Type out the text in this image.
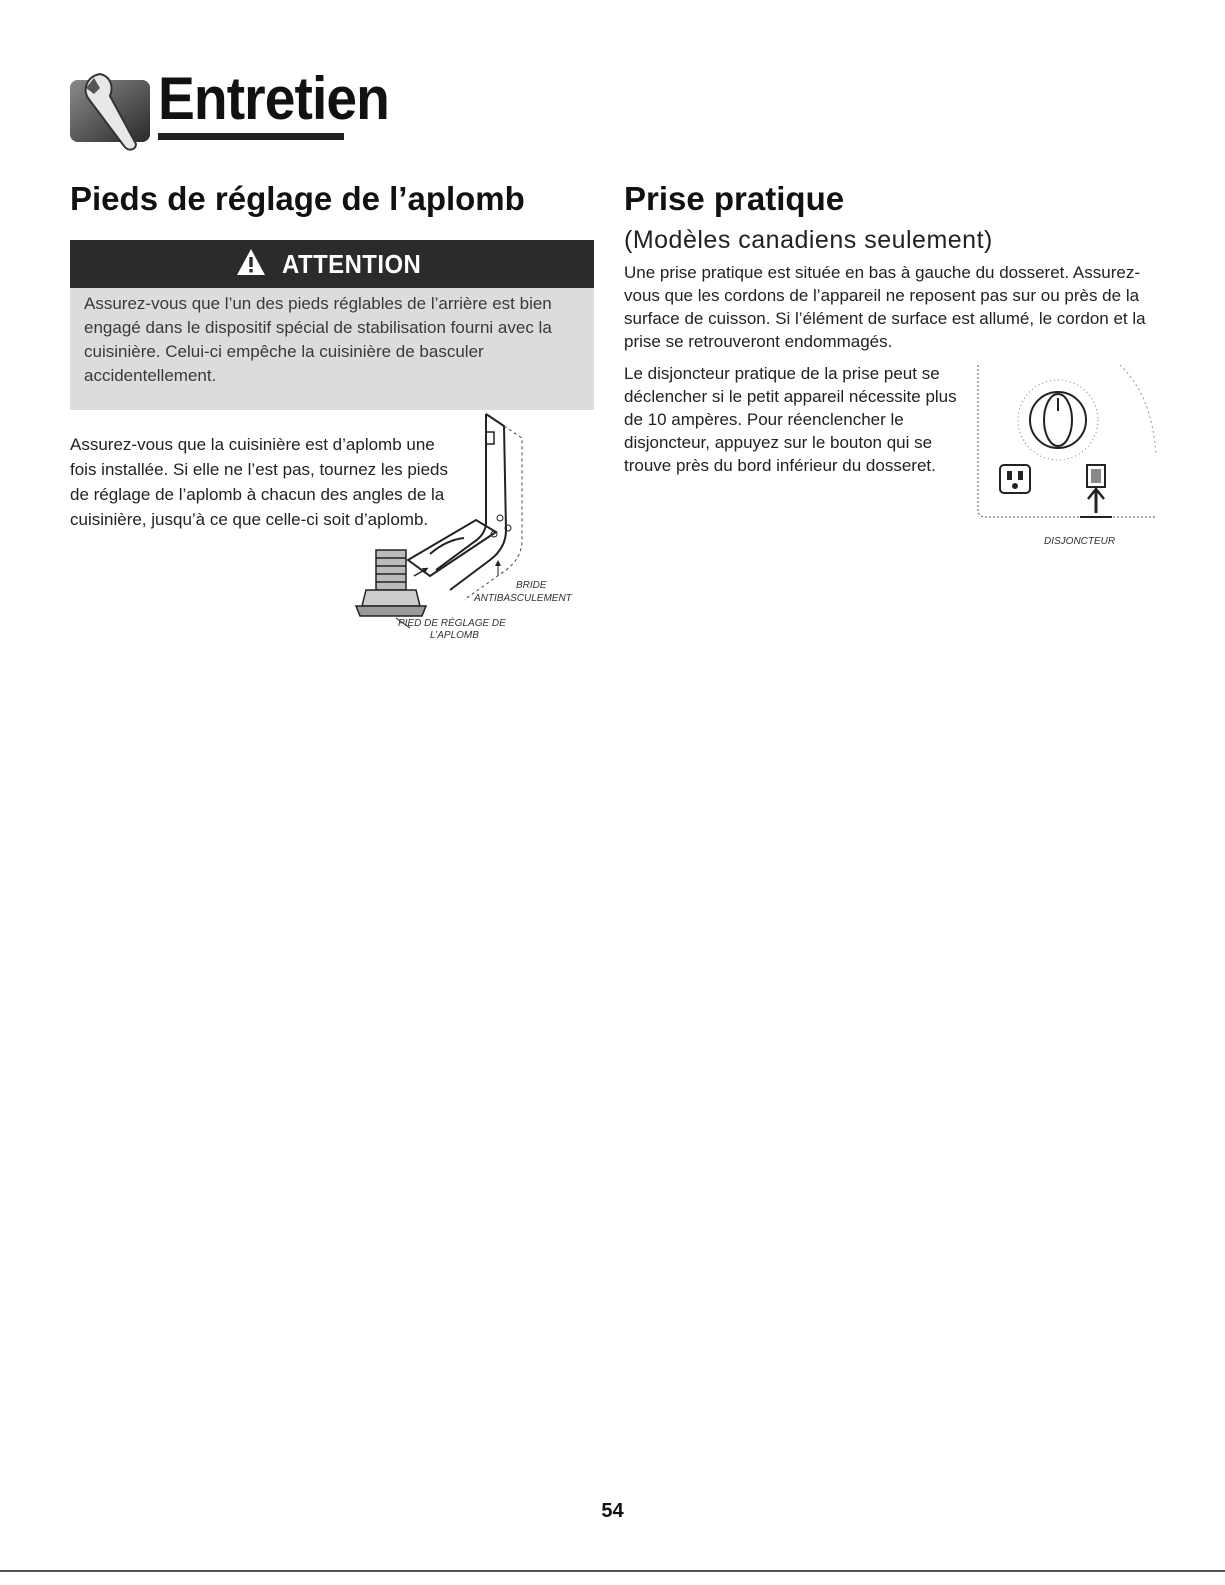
Entretien
Pieds de réglage de l’aplomb
ATTENTION

Assurez-vous que l’un des pieds réglables de l’arrière est bien engagé dans le dispositif spécial de stabilisation fourni avec la cuisinière. Celui-ci empêche la cuisinière de basculer accidentellement.

Assurez-vous que la cuisinière est d’aplomb une fois installée. Si elle ne l’est pas, tournez les pieds de réglage de l’aplomb à chacun des angles de la cuisinière, jusqu’à ce que celle-ci soit d’aplomb.

BRIDE
ANTIBASCULEMENT
PIED DE RÉGLAGE DE
L’APLOMB
Prise pratique
(Modèles canadiens seulement)

Une prise pratique est située en bas à gauche du dosseret. Assurez-vous que les cordons de l’appareil ne reposent pas sur ou près de la surface de cuisson. Si l’élément de surface est allumé, le cordon et la prise se retrouveront endommagés.

Le disjoncteur pratique de la prise peut se déclencher si le petit appareil nécessite plus de 10 ampères. Pour réenclencher le disjoncteur, appuyez sur le bouton qui se trouve près du bord inférieur du dosseret.

DISJONCTEUR
54
